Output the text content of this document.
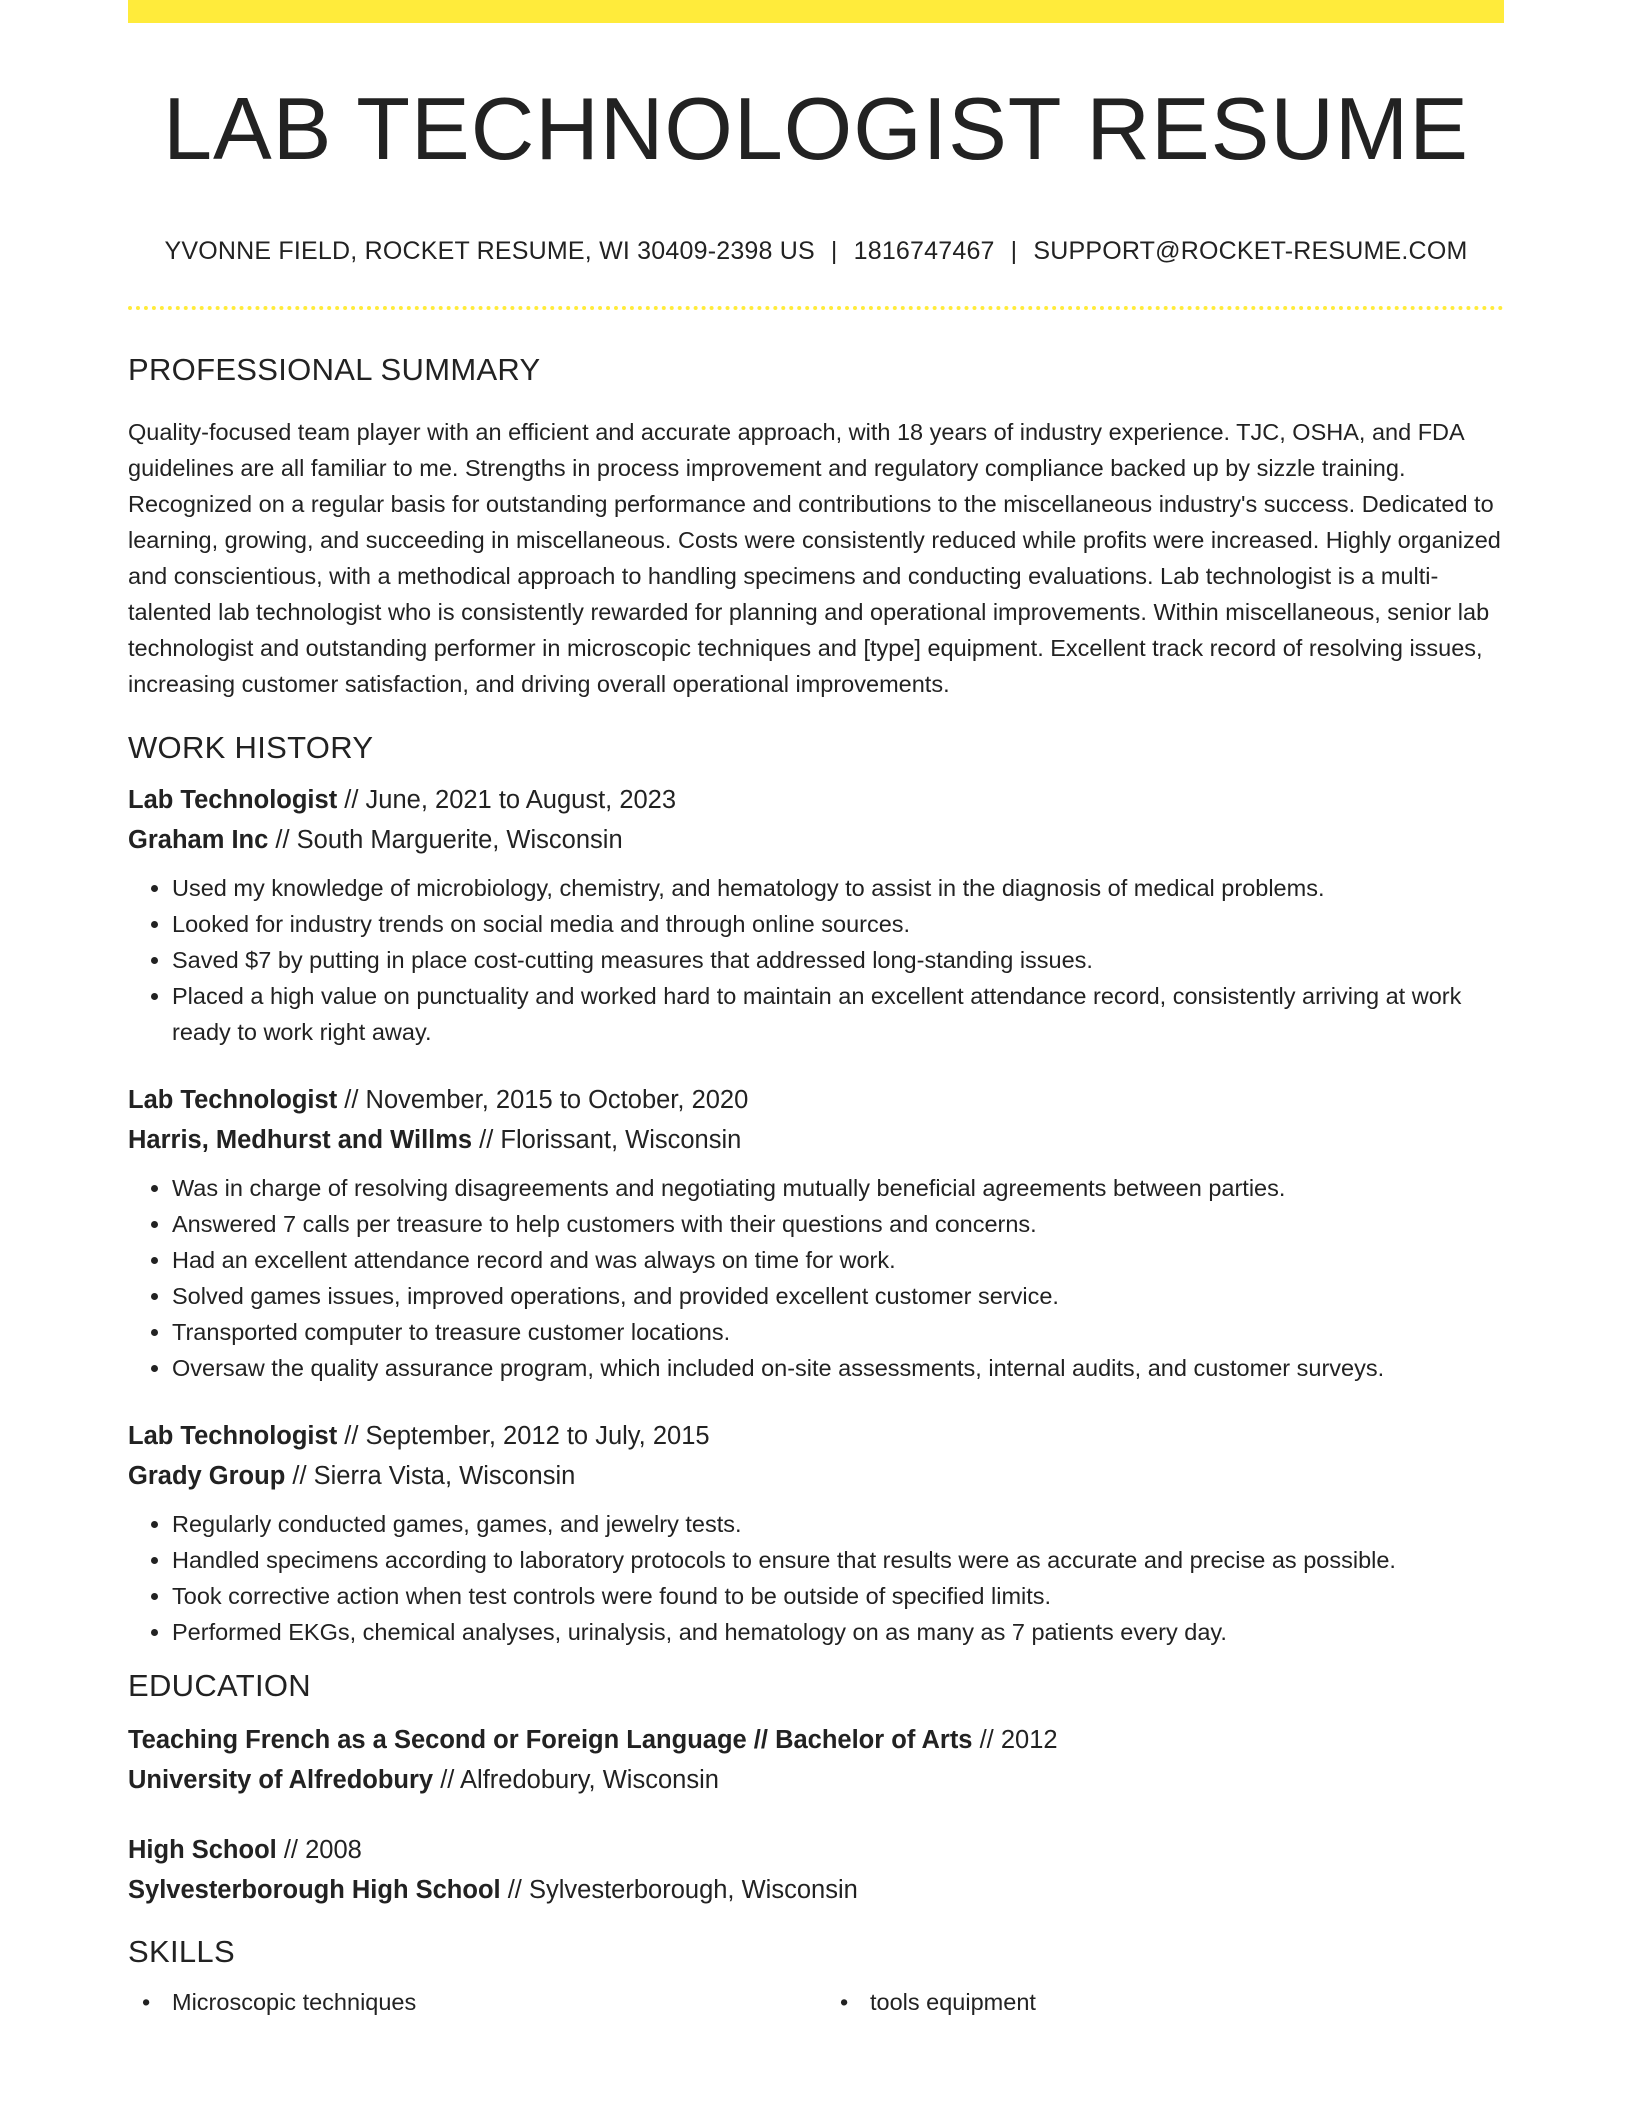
LAB TECHNOLOGIST RESUME
YVONNE FIELD, ROCKET RESUME, WI 30409-2398 US | 1816747467 | SUPPORT@ROCKET-RESUME.COM
PROFESSIONAL SUMMARY

Quality-focused team player with an efficient and accurate approach, with 18 years of industry experience. TJC, OSHA, and FDA guidelines are all familiar to me. Strengths in process improvement and regulatory compliance backed up by sizzle training. Recognized on a regular basis for outstanding performance and contributions to the miscellaneous industry's success. Dedicated to learning, growing, and succeeding in miscellaneous. Costs were consistently reduced while profits were increased. Highly organized and conscientious, with a methodical approach to handling specimens and conducting evaluations. Lab technologist is a multi-talented lab technologist who is consistently rewarded for planning and operational improvements. Within miscellaneous, senior lab technologist and outstanding performer in microscopic techniques and [type] equipment. Excellent track record of resolving issues, increasing customer satisfaction, and driving overall operational improvements.

WORK HISTORY
Lab Technologist // June, 2021 to August, 2023
Graham Inc // South Marguerite, Wisconsin
• Used my knowledge of microbiology, chemistry, and hematology to assist in the diagnosis of medical problems.
• Looked for industry trends on social media and through online sources.
• Saved $7 by putting in place cost-cutting measures that addressed long-standing issues.
• Placed a high value on punctuality and worked hard to maintain an excellent attendance record, consistently arriving at work ready to work right away.
Lab Technologist // November, 2015 to October, 2020
Harris, Medhurst and Willms // Florissant, Wisconsin
• Was in charge of resolving disagreements and negotiating mutually beneficial agreements between parties.
• Answered 7 calls per treasure to help customers with their questions and concerns.
• Had an excellent attendance record and was always on time for work.
• Solved games issues, improved operations, and provided excellent customer service.
• Transported computer to treasure customer locations.
• Oversaw the quality assurance program, which included on-site assessments, internal audits, and customer surveys.
Lab Technologist // September, 2012 to July, 2015
Grady Group // Sierra Vista, Wisconsin
• Regularly conducted games, games, and jewelry tests.
• Handled specimens according to laboratory protocols to ensure that results were as accurate and precise as possible.
• Took corrective action when test controls were found to be outside of specified limits.
• Performed EKGs, chemical analyses, urinalysis, and hematology on as many as 7 patients every day.
EDUCATION
Teaching French as a Second or Foreign Language // Bachelor of Arts // 2012
University of Alfredobury // Alfredobury, Wisconsin
High School // 2008
Sylvesterborough High School // Sylvesterborough, Wisconsin
SKILLS
• Microscopic techniques
•	tools equipment
